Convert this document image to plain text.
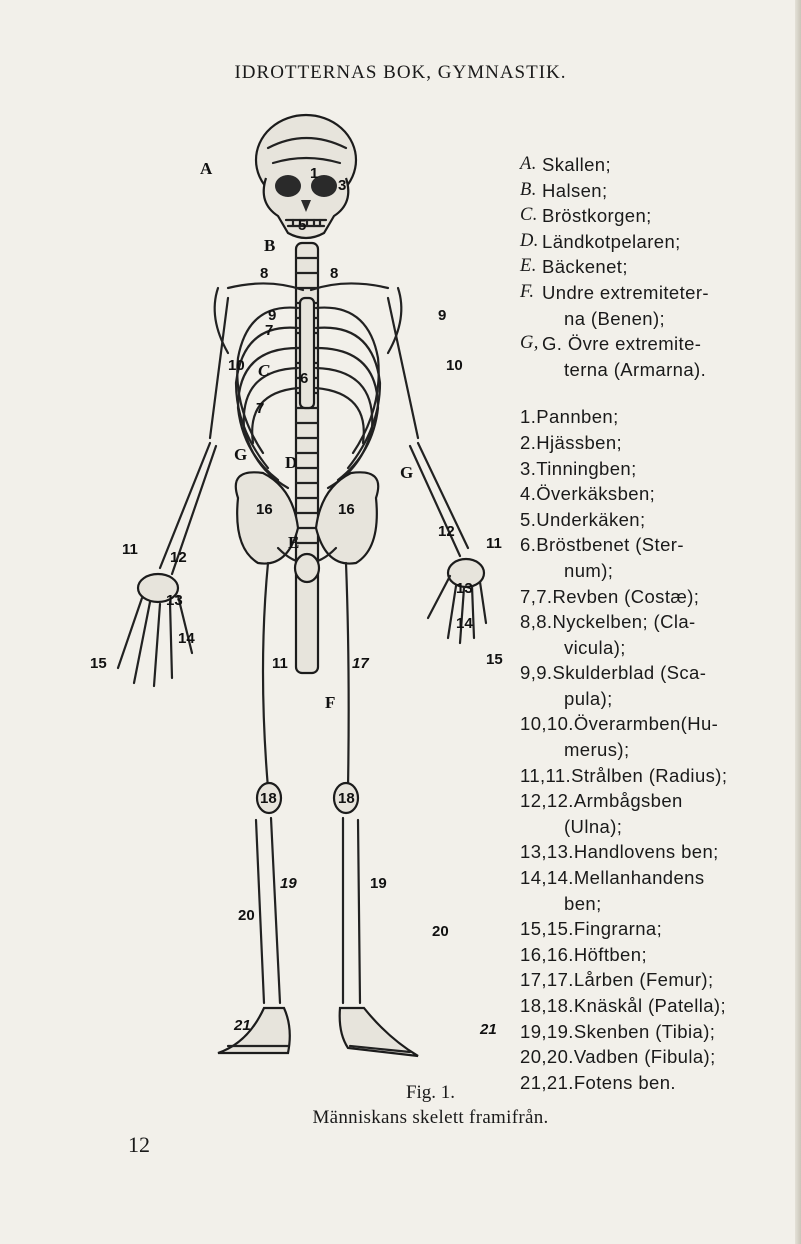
IDROTTERNAS BOK, GYMNASTIK.
A
B
C
D
E
F
G
G
3
5
6
8	8
7
7
9	9
10	10
11	11
12
12
13
13
14
14
15	15
16	16
11	17
18	18
19	19
20
20
21	21
1	A. Skallen;
B. Halsen;
C. Bröstkorgen;
D. Ländkotpelaren;
E. Bäckenet;
F. Undre extremiteter-
na (Benen);
G, G. Övre extremite-
terna (Armarna).
1. Pannben;
2. Hjässben;
3. Tinningben;
4. Överkäksben;
5. Underkäken;
6. Bröstbenet (Ster-
num);
7,7. Revben (Costæ);
8,8. Nyckelben; (Cla-
vicula);
9,9. Skulderblad (Sca-
pula);
10,10. Överarmben(Hu-
merus);
11,11. Strålben (Radius);
12,12. Armbågsben
(Ulna);
13,13. Handlovens ben;
14,14. Mellanhandens
ben;
15,15. Fingrarna;
16,16. Höftben;
17,17. Lårben (Femur);
18,18. Knäskål (Patella);
19,19. Skenben (Tibia);
20,20. Vadben (Fibula);
21,21. Fotens ben.
Fig. 1.
Människans skelett framifrån.
12
